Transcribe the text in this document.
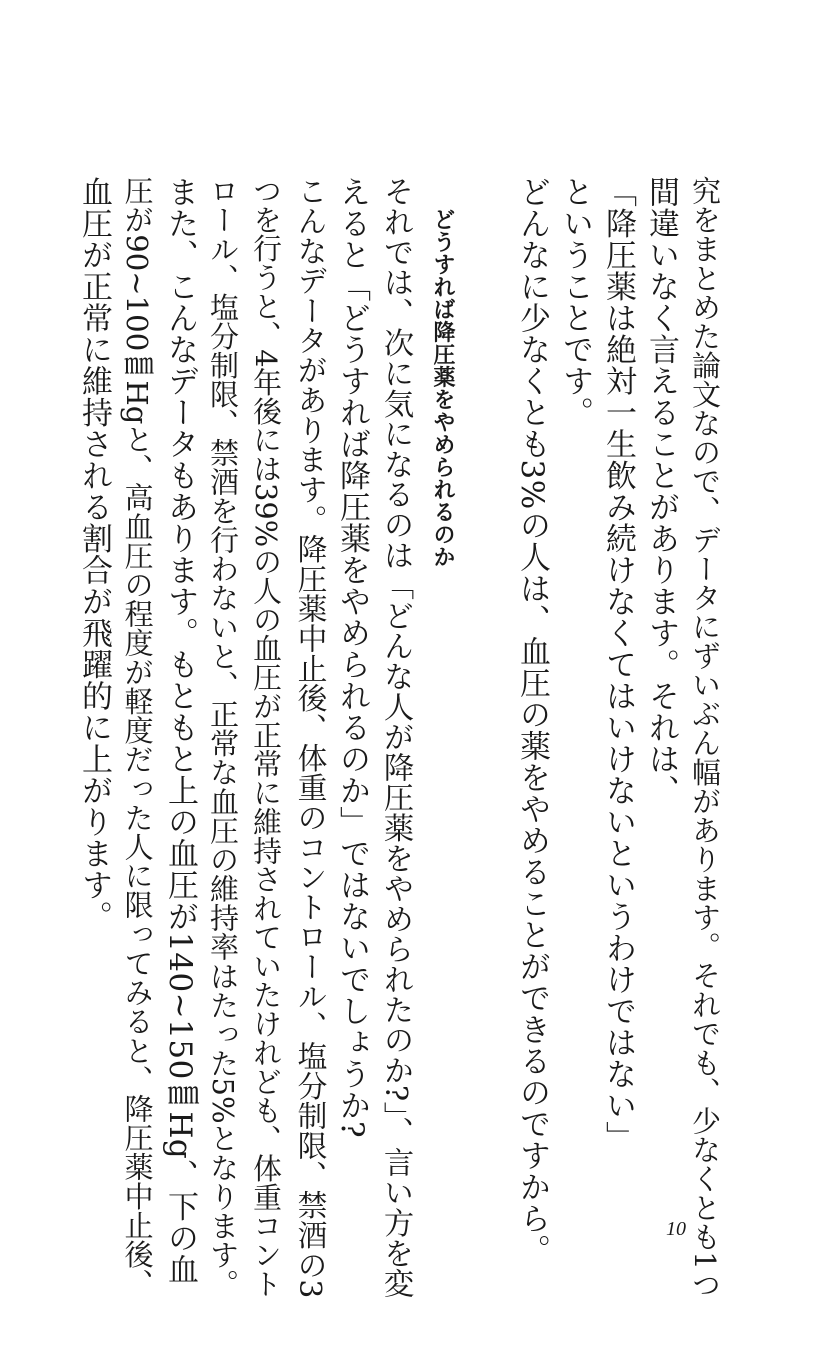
究をまとめた論文なので、データにずいぶん幅があります。それでも、少なくとも1つ
間違いなく言えることがあります。それは、
「降圧薬は絶対一生飲み続けなくてはいけないというわけではない」
ということです。
どんなに少なくとも3%の人は、血圧の薬をやめることができるのですから。
どうすれば降圧薬をやめられるのか
それでは、次に気になるのは「どんな人が降圧薬をやめられたのか?」、言い方を変
えると「どうすれば降圧薬をやめられるのか」ではないでしょうか?
こんなデータがあります。降圧薬中止後、体重のコントロール、塩分制限、禁酒の3
つを行うと、4年後には39%の人の血圧が正常に維持されていたけれども、体重コント
ロール、塩分制限、禁酒を行わないと、正常な血圧の維持率はたった5%となります。
また、こんなデータもあります。もともと上の血圧が140~150㎜Hg、下の血
圧が90~100㎜Hgと、高血圧の程度が軽度だった人に限ってみると、降圧薬中止後、
血圧が正常に維持される割合が飛躍的に上がります。
10
